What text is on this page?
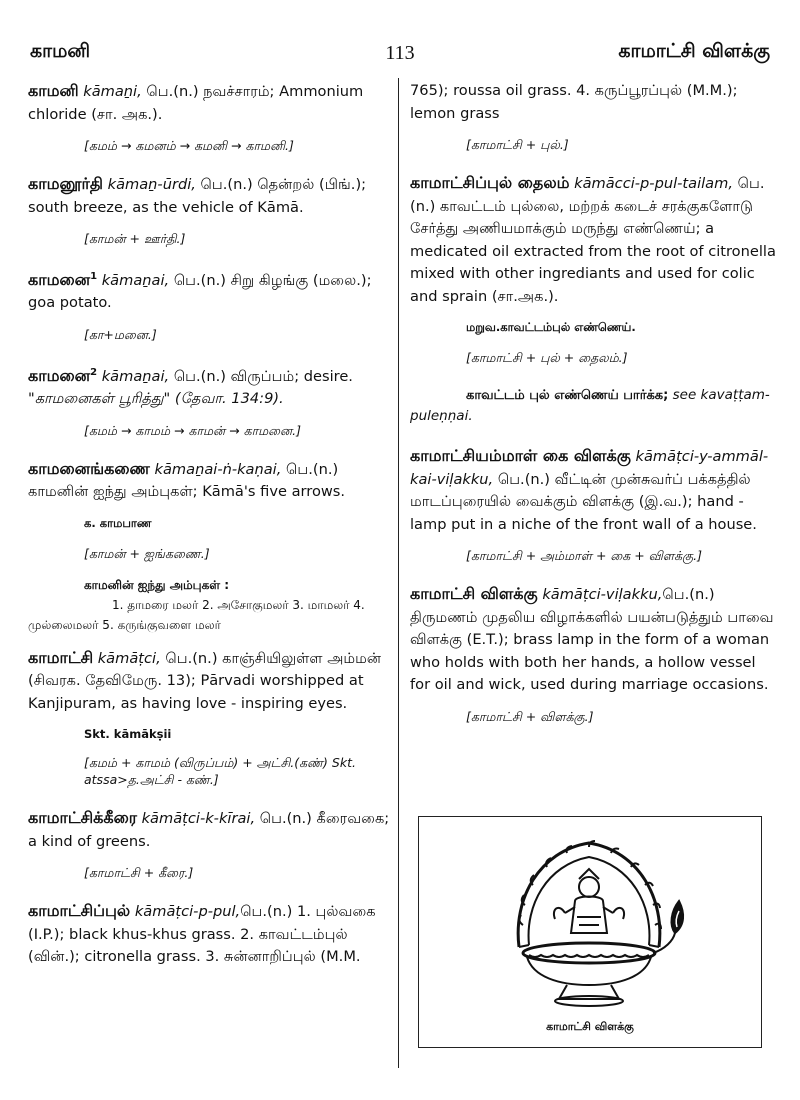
காமனி	113	காமாட்சி விளக்கு

காமனி kāmaṉi, பெ.(n.) நவச்சாரம்; Ammonium chloride (சா. அக.).

[கமம் → கமனம் → கமனி → காமனி.]

காமனூர்தி kāmaṉ-ūrdi, பெ.(n.) தென்றல் (பிங்.); south breeze, as the vehicle of Kāmā.

[காமன் + ஊர்தி.]

காமனை$^1$ kāmaṉai, பெ.(n.) சிறு கிழங்கு (மலை.); goa potato.

[கா+மனை.]

காமனை$^2$ kāmaṉai, பெ.(n.) விருப்பம்; desire. "காமனைகள் பூரித்து" (தேவா. 134:9).

[கமம் → காமம் → காமன் → காமனை.]

காமனைங்கணை kāmaṉai-ṅ-kaṇai, பெ.(n.) காமனின் ஐந்து அம்புகள்; Kāmā's five arrows.

க. காமபாண

[காமன் + ஐங்கணை.]

காமனின் ஐந்து அம்புகள் :
1. தாமரை மலர் 2. அசோகுமலர் 3. மாமலர் 4. முல்லைமலர் 5. கருங்குவளை மலர்

காமாட்சி kāmāṭci, பெ.(n.) காஞ்சியிலுள்ள அம்மன் (சிவரக. தேவிமேரு. 13); Pārvadi worshipped at Kanjipuram, as having love - inspiring eyes.

Skt. kāmākṣii

[கமம் + காமம் (விருப்பம்) + அட்சி.(கண்) Skt. atssa>த.அட்சி - கண்.]

காமாட்சிக்கீரை kāmāṭci-k-kīrai, பெ.(n.) கீரைவகை; a kind of greens.

[காமாட்சி + கீரை.]

காமாட்சிப்புல் kāmāṭci-p-pul,பெ.(n.) 1. புல்வகை (I.P.); black khus-khus grass. 2. காவட்டம்புல் (வின்.); citronella grass. 3. சுன்னாறிப்புல் (M.M.

765); roussa oil grass. 4. கருப்பூரப்புல் (M.M.); lemon grass

[காமாட்சி + புல்.]

காமாட்சிப்புல் தைலம் kāmācci-p-pul-tailam, பெ.(n.) காவட்டம் புல்லை, மற்றக் கடைச் சரக்குகளோடு சேர்த்து அணியமாக்கும் மருந்து எண்ணெய்; a medicated oil extracted from the root of citronella mixed with other ingrediants and used for colic and sprain (சா.அக.).

மறுவ.காவட்டம்புல் எண்ணெய்.

[காமாட்சி + புல் + தைலம்.]

காவட்டம் புல் எண்ணெய் பார்க்க; see kavaṭṭam-puleṇṇai.

காமாட்சியம்மாள் கை விளக்கு kāmāṭci-y-ammāl-kai-viḷakku, பெ.(n.) வீட்டின் முன்சுவர்ப் பக்கத்தில் மாடப்புரையில் வைக்கும் விளக்கு (இ.வ.); hand - lamp put in a niche of the front wall of a house.

[காமாட்சி + அம்மாள் + கை + விளக்கு.]

காமாட்சி விளக்கு kāmāṭci-viḷakku,பெ.(n.) திருமணம் முதலிய விழாக்களில் பயன்படுத்தும் பாவை விளக்கு (E.T.); brass lamp in the form of a woman who holds with both her hands, a hollow vessel for oil and wick, used during marriage occasions.

[காமாட்சி + விளக்கு.]

காமாட்சி விளக்கு
